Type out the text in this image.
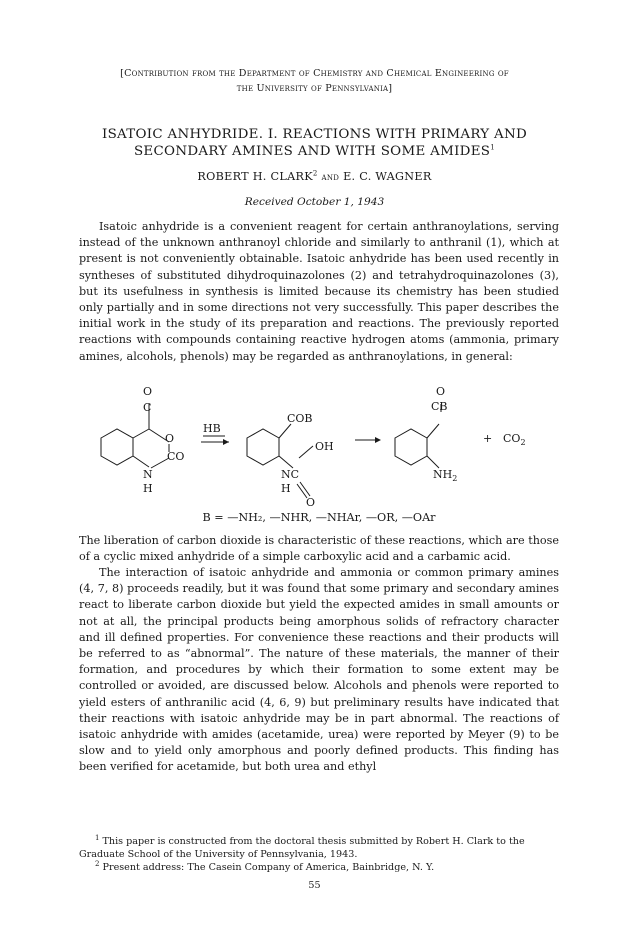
[Contribution from the Department of Chemistry and Chemical Engineering of
the University of Pennsylvania]
ISATOIC ANHYDRIDE. I. REACTIONS WITH PRIMARY AND
SECONDARY AMINES AND WITH SOME AMIDES$^1$
ROBERT H. CLARK$^2$ and E. C. WAGNER
Received October 1, 1943
Isatoic anhydride is a convenient reagent for certain anthranoylations, serving instead of the unknown anthranoyl chloride and similarly to anthranil (1), which at present is not conveniently obtainable. Isatoic anhydride has been used recently in syntheses of substituted dihydroquinazolones (2) and tetrahydroquinazolones (3), but its usefulness in synthesis is limited because its chemistry has been studied only partially and in some directions not very successfully. This paper describes the initial work in the study of its preparation and reactions. The previously reported reactions with compounds containing reactive hydrogen atoms (ammonia, primary amines, alcohols, phenols) may be regarded as anthranoylations, in general:
O
C
O
CO
N
H
HB
COB
OH
NC
H
O
O
CB
$NH_2$
+ $CO_2$
B = —NH₂, —NHR, —NHAr, —OR, —OAr
The liberation of carbon dioxide is characteristic of these reactions, which are those of a cyclic mixed anhydride of a simple carboxylic acid and a carbamic acid.
The interaction of isatoic anhydride and ammonia or common primary amines (4, 7, 8) proceeds readily, but it was found that some primary and secondary amines react to liberate carbon dioxide but yield the expected amides in small amounts or not at all, the principal products being amorphous solids of refractory character and ill defined properties. For convenience these reactions and their products will be referred to as “abnormal”. The nature of these materials, the manner of their formation, and procedures by which their formation to some extent may be controlled or avoided, are discussed below. Alcohols and phenols were reported to yield esters of anthranilic acid (4, 6, 9) but preliminary results have indicated that their reactions with isatoic anhydride may be in part abnormal. The reactions of isatoic anhydride with amides (acetamide, urea) were reported by Meyer (9) to be slow and to yield only amorphous and poorly defined products. This finding has been verified for acetamide, but both urea and ethyl
$^1$ This paper is constructed from the doctoral thesis submitted by Robert H. Clark to the Graduate School of the University of Pennsylvania, 1943.
$^2$ Present address: The Casein Company of America, Bainbridge, N. Y.
55
